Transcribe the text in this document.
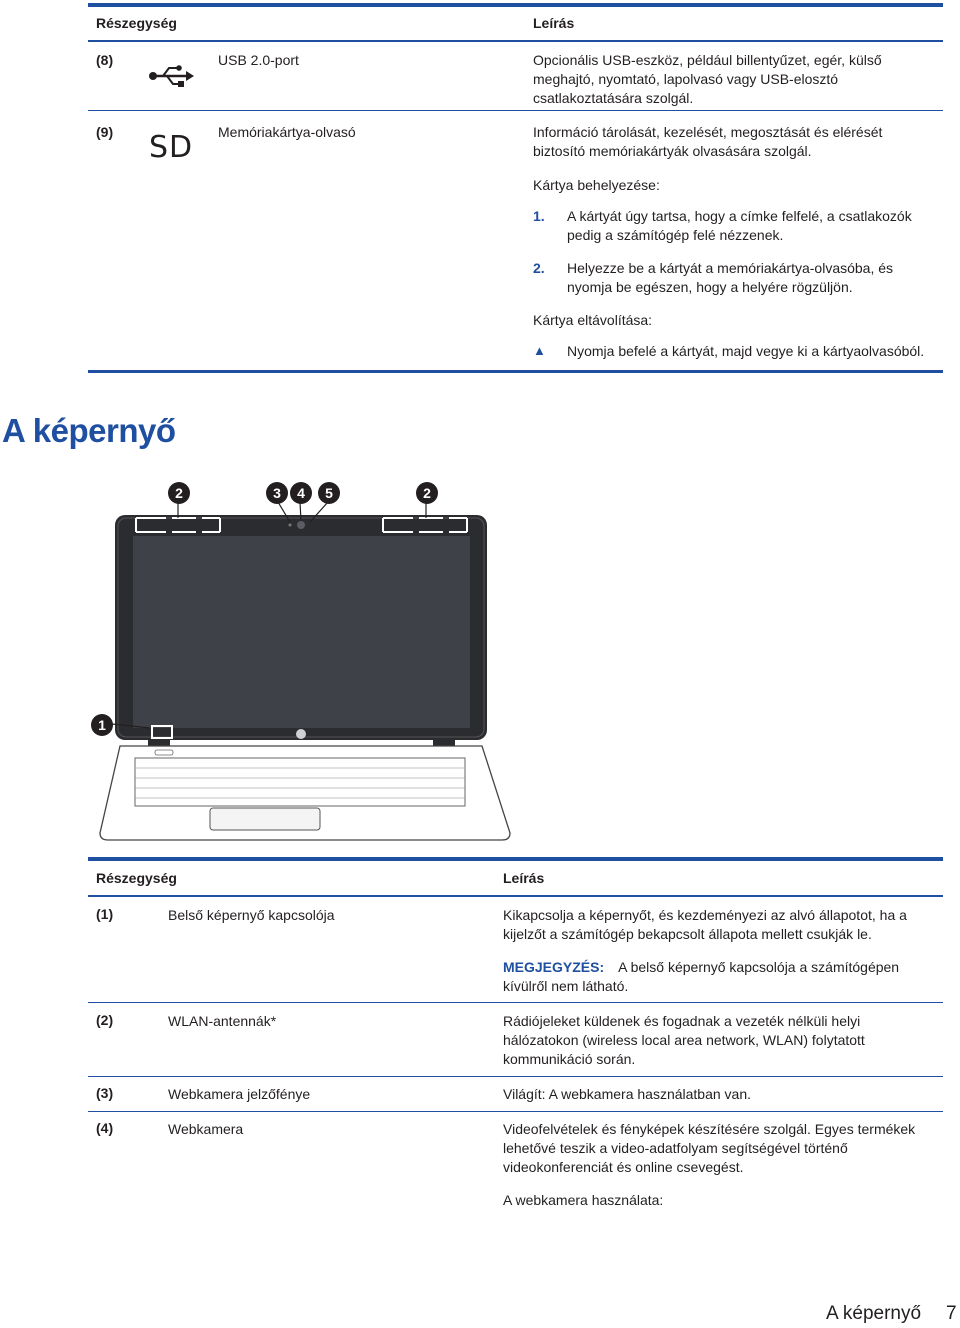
Részegység	Leírás
(8)	USB 2.0-port	Opcionális USB-eszköz, például billentyűzet, egér, külső
meghajtó, nyomtató, lapolvasó vagy USB-elosztó
csatlakoztatására szolgál.
(9) SD Memóriakártya-olvasó	Információ tárolását, kezelését, megosztását és elérését
biztosító memóriakártyák olvasására szolgál.
Kártya behelyezése:
1. A kártyát úgy tartsa, hogy a címke felfelé, a csatlakozók
pedig a számítógép felé nézzenek.
2. Helyezze be a kártyát a memóriakártya-olvasóba, és
nyomja be egészen, hogy a helyére rögzüljön.
Kártya eltávolítása:
▲ Nyomja befelé a kártyát, majd vegye ki a kártyaolvasóból.
A képernyő
2	3	4	5	2
1
Részegység	Leírás
(1)	Belső képernyő kapcsolója	Kikapcsolja a képernyőt, és kezdeményezi az alvó állapotot, ha a
kijelzőt a számítógép bekapcsolt állapota mellett csukják le.
MEGJEGYZÉS: A belső képernyő kapcsolója a számítógépen
kívülről nem látható.
(2)	WLAN-antennák*	Rádiójeleket küldenek és fogadnak a vezeték nélküli helyi
hálózatokon (wireless local area network, WLAN) folytatott
kommunikáció során.
(3)	Webkamera jelzőfénye	Világít: A webkamera használatban van.
(4)	Webkamera	Videofelvételek és fényképek készítésére szolgál. Egyes termékek
lehetővé teszik a video-adatfolyam segítségével történő
videokonferenciát és online csevegést.
A webkamera használata:
A képernyő 7
